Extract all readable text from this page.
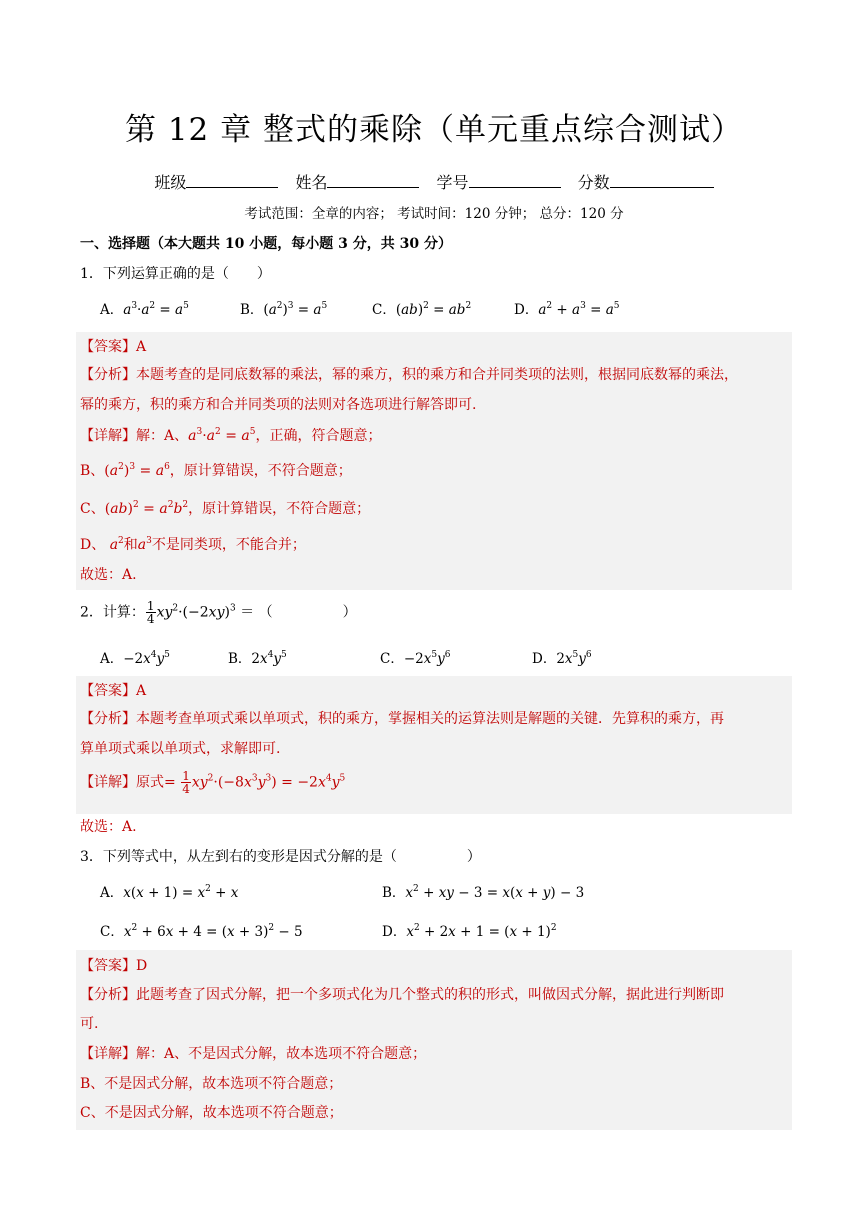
第 12 章 整式的乘除（单元重点综合测试）
班级	姓名	学号	分数
考试范围：全章的内容； 考试时间：120 分钟； 总分：120 分
一、选择题（本大题共 10 小题，每小题 3 分，共 30 分）
1．下列运算正确的是（　　）
A．$a^3\cdot a^2 = a^5$	B．$(a^2)^3 = a^5$	C．$(ab)^2 = ab^2$	D．$a^2 + a^3 = a^5$
【答案】A
【分析】本题考查的是同底数幂的乘法，幂的乘方，积的乘方和合并同类项的法则，根据同底数幂的乘法，
幂的乘方，积的乘方和合并同类项的法则对各选项进行解答即可.
【详解】解：A、$a^3\cdot a^2 = a^5$，正确，符合题意；
B、$(a^2)^3 = a^6$，原计算错误，不符合题意；
C、$(ab)^2 = a^2b^2$，原计算错误，不符合题意；
D、 $a^2$和$a^3$不是同类项，不能合并；
故选：A.
2．计算： $\frac{1}{4} xy^2\cdot(-2xy)^3$ ＝ （　　　　　）
A．$-2x^4y^5$	B．$2x^4y^5$	C．$-2x^5y^6$	D．$2x^5y^6$
【答案】A
【分析】本题考查单项式乘以单项式，积的乘方，掌握相关的运算法则是解题的关键．先算积的乘方，再
算单项式乘以单项式，求解即可.
【详解】原式= $\frac{1}{4} xy^2\cdot(-8x^3y^3) = -2x^4y^5$
故选：A.
3．下列等式中，从左到右的变形是因式分解的是（　　　　　）
A．$x(x + 1) = x^2 + x$	B．$x^2$ + xy − 3 = x(x + y) − 3
C．$x^2 + 6x + 4 = (x + 3)^2 - 5$	D．$x^2 + 2x + 1 = (x + 1)^2$
【答案】D
【分析】此题考查了因式分解，把一个多项式化为几个整式的积的形式，叫做因式分解，据此进行判断即
可.
【详解】解：A、不是因式分解，故本选项不符合题意；
B、不是因式分解，故本选项不符合题意；
C、不是因式分解，故本选项不符合题意；
